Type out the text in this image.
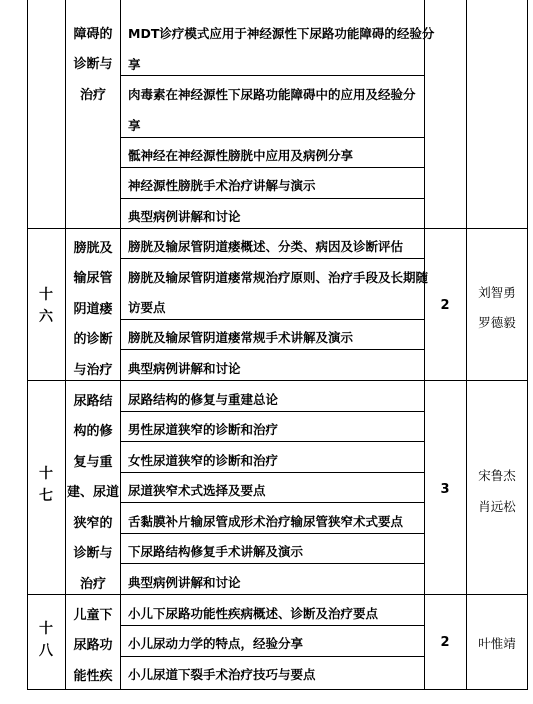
障碍的
诊断与
治疗
MDT诊疗模式应用于神经源性下尿路功能障碍的经验分
享
肉毒素在神经源性下尿路功能障碍中的应用及经验分
享
骶神经在神经源性膀胱中应用及病例分享
神经源性膀胱手术治疗讲解与演示
典型病例讲解和讨论
十六
膀胱及
输尿管
阴道瘘
的诊断
与治疗
膀胱及输尿管阴道瘘概述、分类、病因及诊断评估
膀胱及输尿管阴道瘘常规治疗原则、治疗手段及长期随
访要点
膀胱及输尿管阴道瘘常规手术讲解及演示
典型病例讲解和讨论
2
刘智勇
罗德毅
十七
尿路结
构的修
复与重
建、尿道
狭窄的
诊断与
治疗
尿路结构的修复与重建总论
男性尿道狭窄的诊断和治疗
女性尿道狭窄的诊断和治疗
尿道狭窄术式选择及要点
舌黏膜补片输尿管成形术治疗输尿管狭窄术式要点
下尿路结构修复手术讲解及演示
典型病例讲解和讨论
3
宋鲁杰
肖远松
十八
儿童下
尿路功
能性疾
小儿下尿路功能性疾病概述、诊断及治疗要点
小儿尿动力学的特点，经验分享
小儿尿道下裂手术治疗技巧与要点
2	叶惟靖
